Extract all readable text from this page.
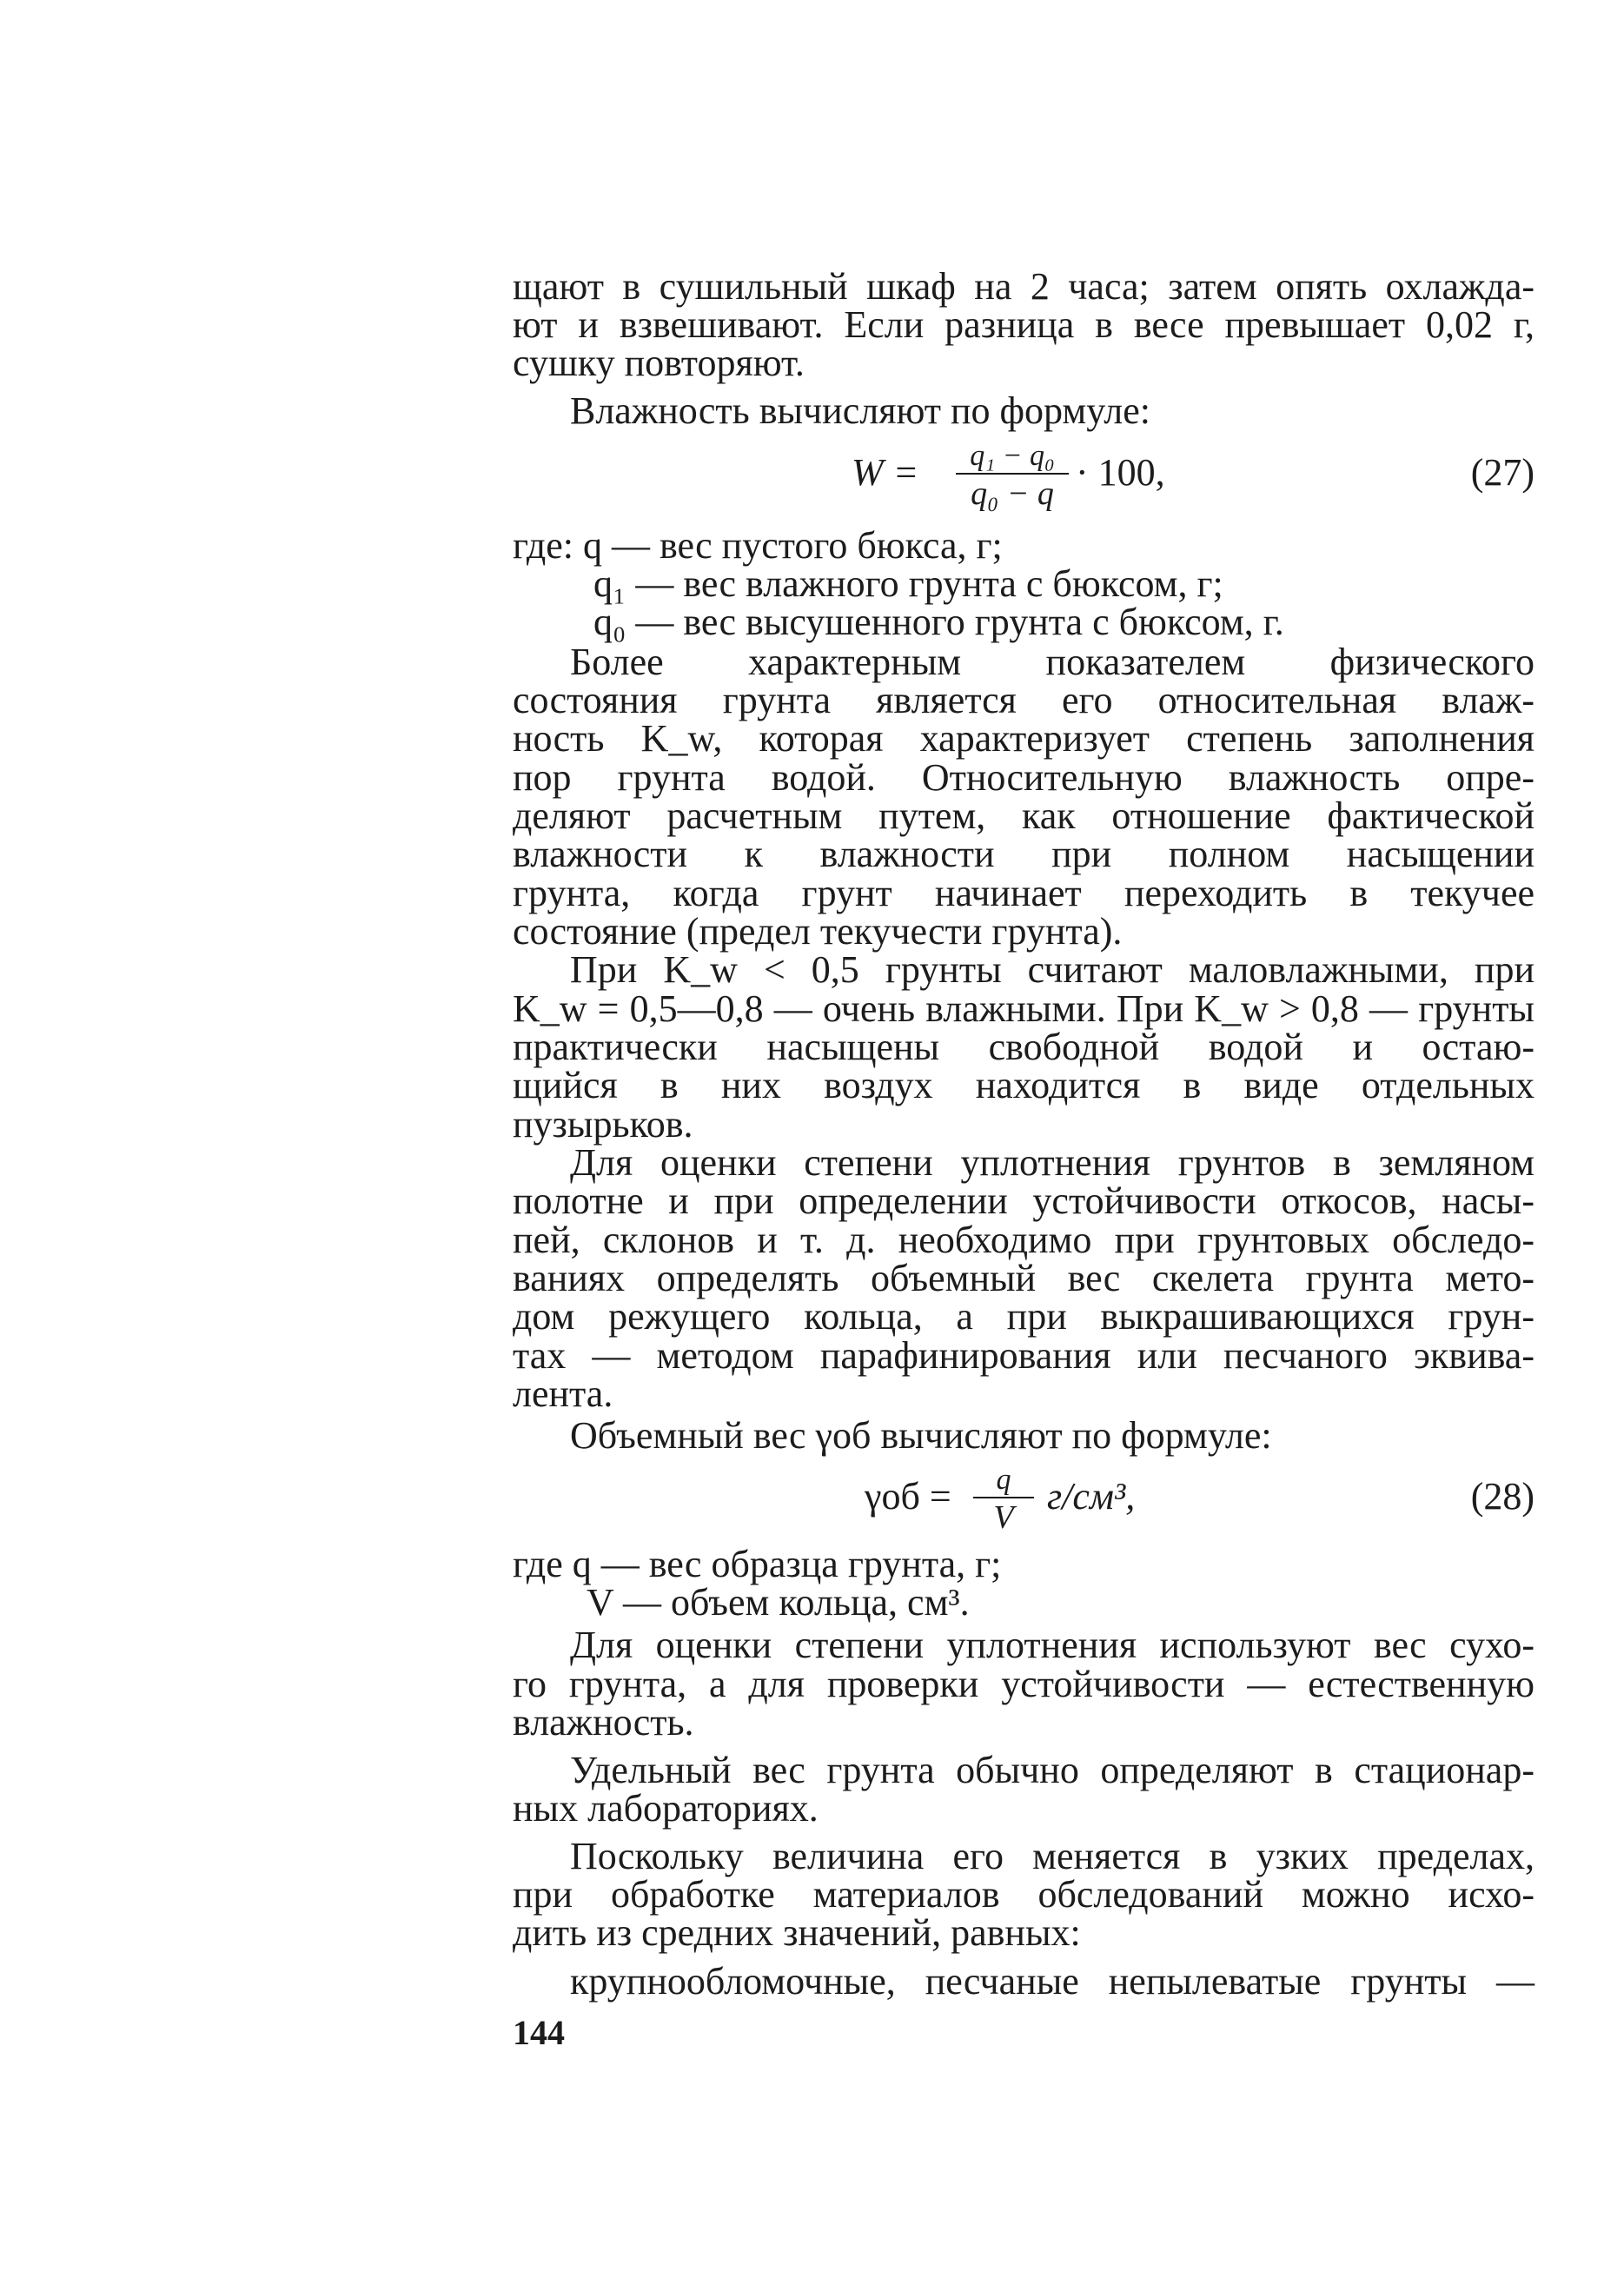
щают в сушильный шкаф на 2 часа; затем опять охлажда-
ют и взвешивают. Если разница в весе превышает 0,02 г,
сушку повторяют.
Влажность вычисляют по формуле:
$W = \frac{\text{q₁ − q₀}}{\text{q₀ − q}} \cdot 100$,	(27)
где: q — вес пустого бюкса, г;
q₁ — вес влажного грунта с бюксом, г;
q₀ — вес высушенного грунта с бюксом, г.
Более характерным показателем физического
состояния грунта является его относительная влаж-
ность K_w, которая характеризует степень заполнения
пор грунта водой. Относительную влажность опре-
деляют расчетным путем, как отношение фактической
влажности к влажности при полном насыщении
грунта, когда грунт начинает переходить в текучее
состояние (предел текучести грунта).
При K_w < 0,5 грунты считают маловлажными, при
K_w = 0,5—0,8 — очень влажными. При K_w > 0,8 — грунты
практически насыщены свободной водой и остаю-
щийся в них воздух находится в виде отдельных
пузырьков.
Для оценки степени уплотнения грунтов в земляном
полотне и при определении устойчивости откосов, насы-
пей, склонов и т. д. необходимо при грунтовых обследо-
ваниях определять объемный вес скелета грунта мето-
дом режущего кольца, а при выкрашивающихся грун-
тах — методом парафинирования или песчаного эквива-
лента.
Объемный вес γоб вычисляют по формуле:
$\gamma об = \frac{q}{V} г/см^3$,	(28)
где q — вес образца грунта, г;
V — объем кольца, см³.
Для оценки степени уплотнения используют вес сухо-
го грунта, а для проверки устойчивости — естественную
влажность.
Удельный вес грунта обычно определяют в стационар-
ных лабораториях.
Поскольку величина его меняется в узких пределах,
при обработке материалов обследований можно исхо-
дить из средних значений, равных:
крупнообломочные, песчаные непылеватые грунты —
144
